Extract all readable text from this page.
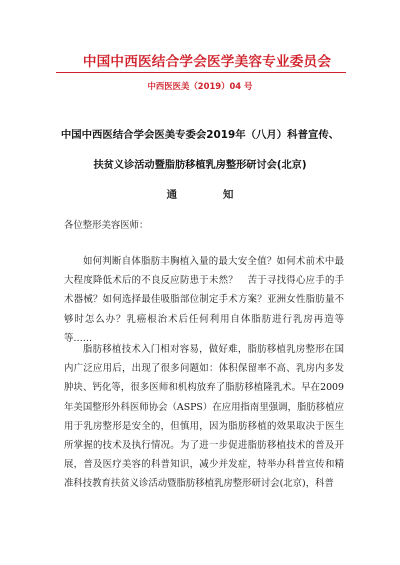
中国中西医结合学会医学美容专业委员会
中西医医美（2019）04 号
中国中西医结合学会医美专委会2019年（八月）科普宣传、
扶贫义诊活动暨脂肪移植乳房整形研讨会(北京)
通知
各位整形美容医师：
如何判断自体脂肪丰胸植入量的最大安全值？如何术前术中最大程度降低术后的不良反应防患于未然？　苦于寻找得心应手的手术器械？如何选择最佳吸脂部位制定手术方案？亚洲女性脂肪量不够时怎么办？乳癌根治术后任何利用自体脂肪进行乳房再造等等……
脂肪移植技术入门相对容易，做好难，脂肪移植乳房整形在国内广泛应用后，出现了很多问题如：体积保留率不高、乳房内多发肿块、钙化等，很多医师和机构放弃了脂肪移植隆乳术。早在2009年美国整形外科医师协会（ASPS）在应用指南里强调，脂肪移植应用于乳房整形是安全的，但慎用，因为脂肪移植的效果取决于医生所掌握的技术及执行情况。为了进一步促进脂肪移植技术的普及开展，普及医疗美容的科普知识，减少并发症，特举办科普宣传和精准科技教育扶贫义诊活动暨脂肪移植乳房整形研讨会(北京)，科普
